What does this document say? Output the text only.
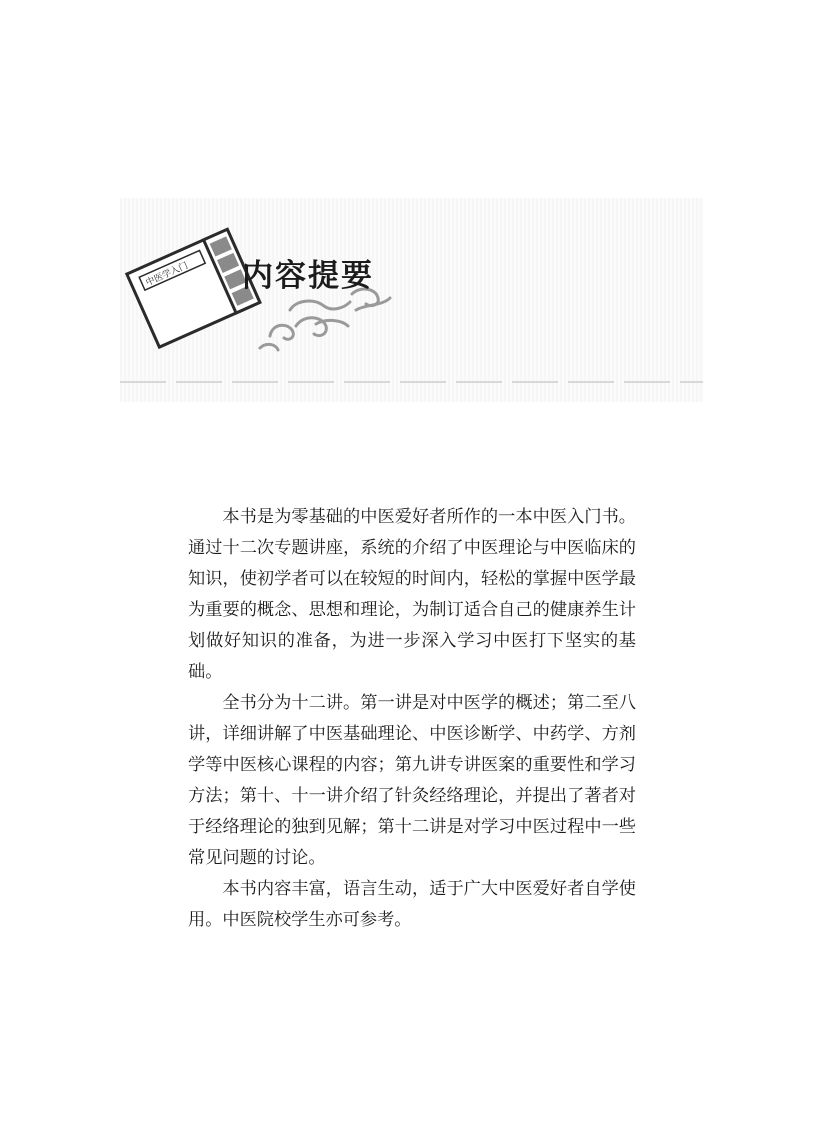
中医学入门 内容提要

本书是为零基础的中医爱好者所作的一本中医入门书。通过十二次专题讲座，系统的介绍了中医理论与中医临床的知识，使初学者可以在较短的时间内，轻松的掌握中医学最为重要的概念、思想和理论，为制订适合自己的健康养生计划做好知识的准备，为进一步深入学习中医打下坚实的基础。

全书分为十二讲。第一讲是对中医学的概述；第二至八讲，详细讲解了中医基础理论、中医诊断学、中药学、方剂学等中医核心课程的内容；第九讲专讲医案的重要性和学习方法；第十、十一讲介绍了针灸经络理论，并提出了著者对于经络理论的独到见解；第十二讲是对学习中医过程中一些常见问题的讨论。

本书内容丰富，语言生动，适于广大中医爱好者自学使用。中医院校学生亦可参考。
